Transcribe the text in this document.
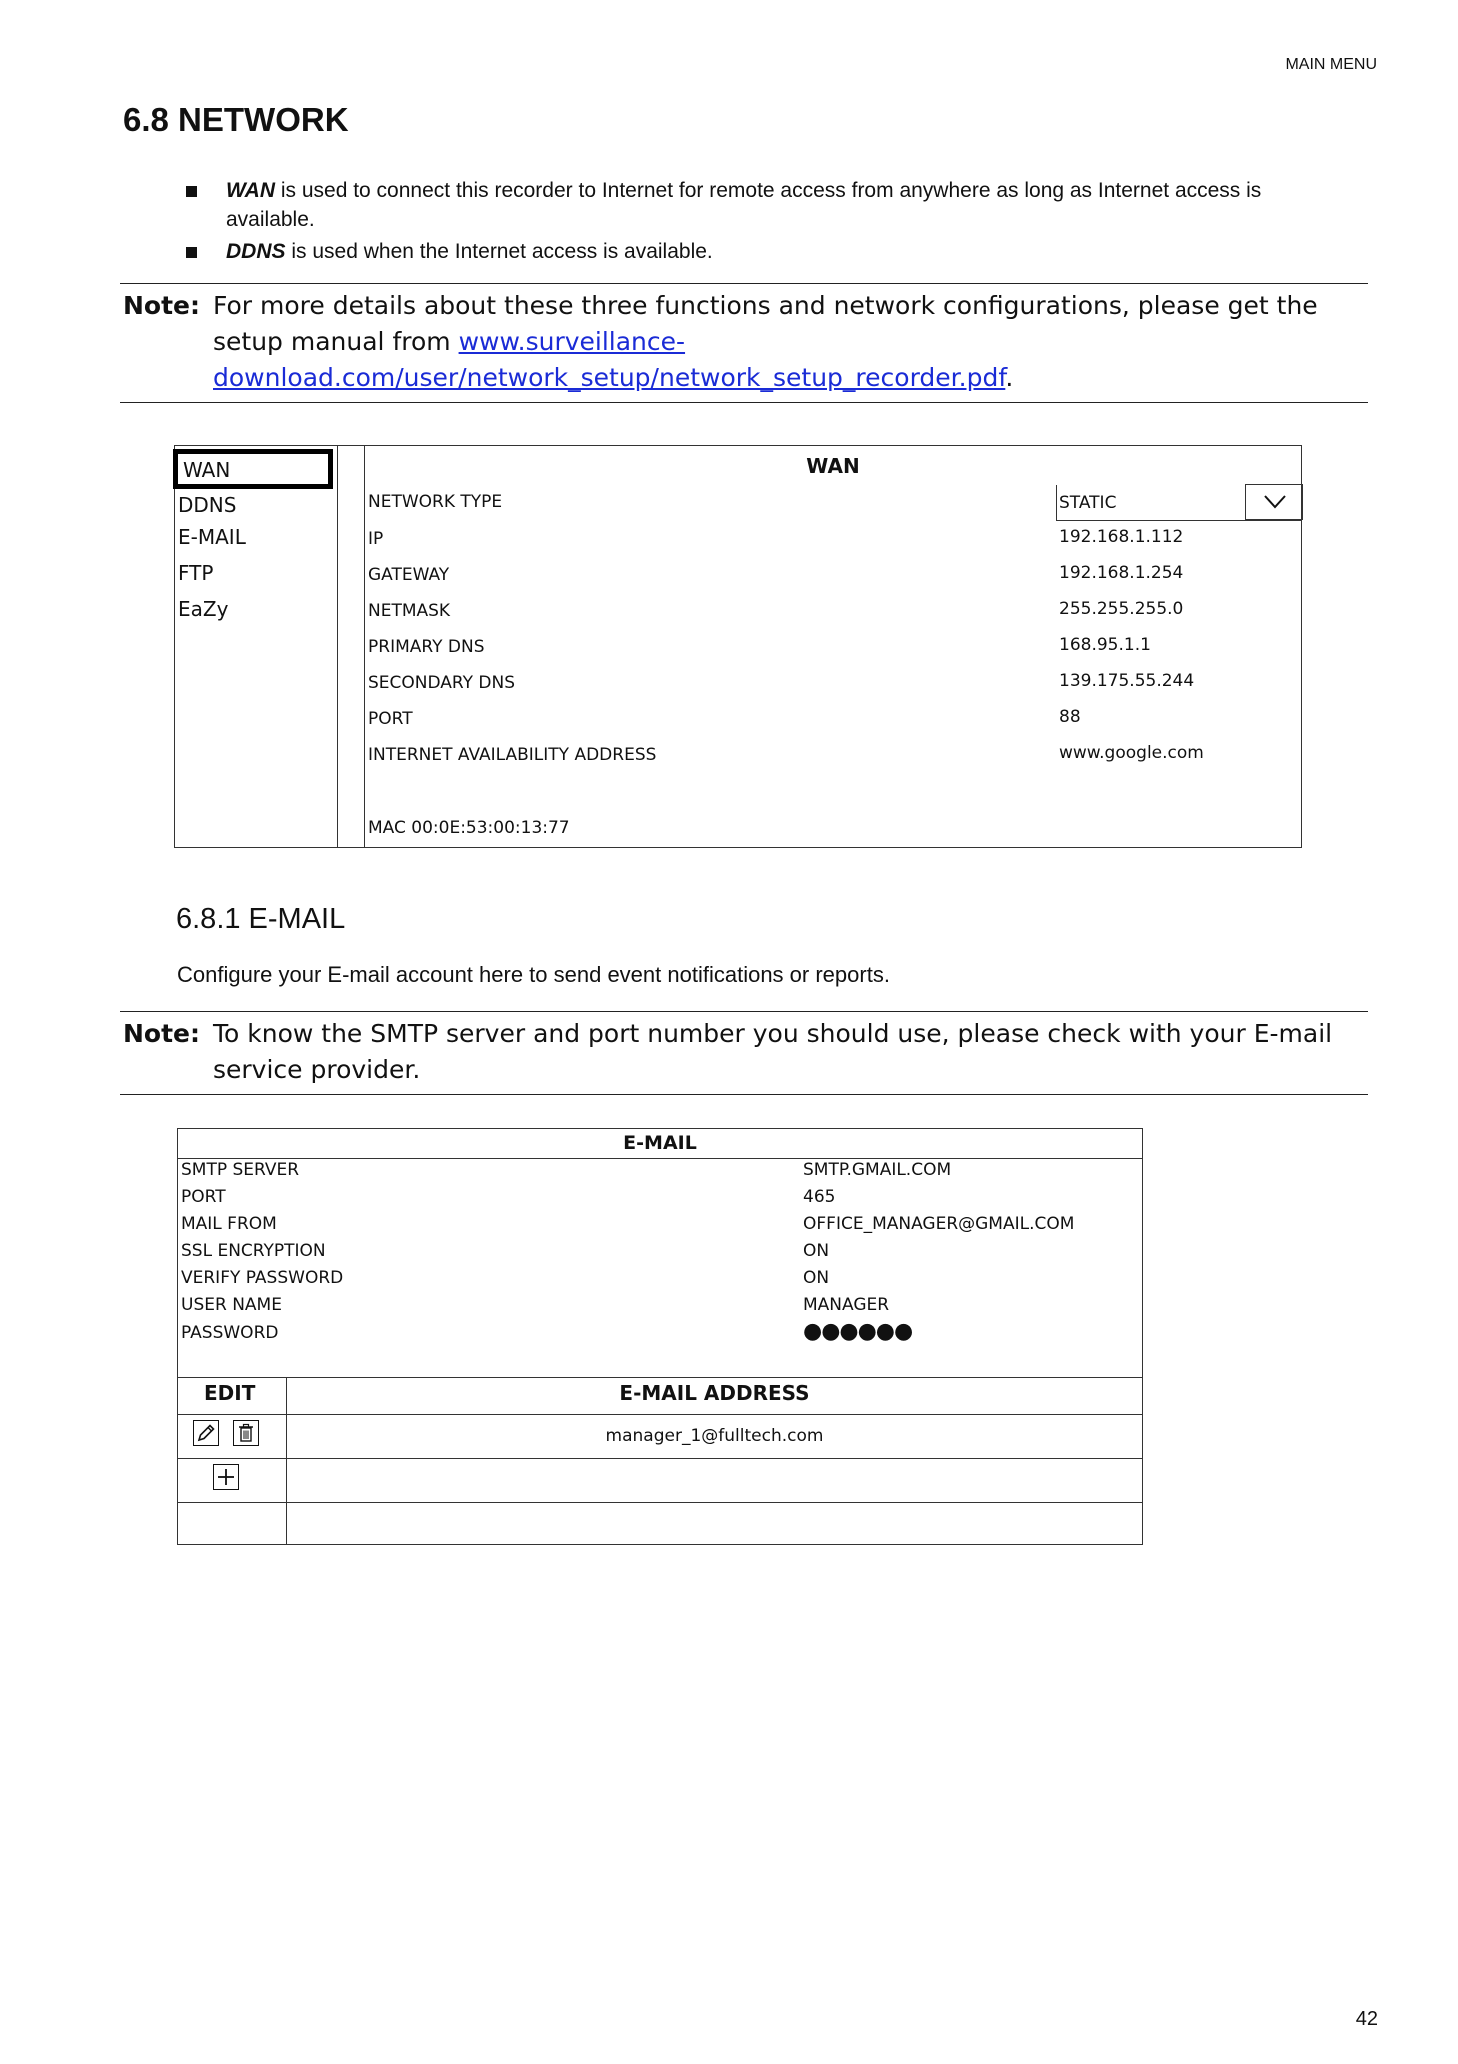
MAIN MENU
6.8 NETWORK
WAN is used to connect this recorder to Internet for remote access from anywhere as long as Internet access is available.
DDNS is used when the Internet access is available.
Note: For more details about these three functions and network configurations, please get the setup manual from www.surveillance-download.com/user/network_setup/network_setup_recorder.pdf.
WAN
DDNS
E-MAIL
FTP
EaZy
WAN
NETWORK TYPE	STATIC
IP	192.168.1.112
GATEWAY	192.168.1.254
NETMASK	255.255.255.0
PRIMARY DNS	168.95.1.1
SECONDARY DNS	139.175.55.244
PORT	88
INTERNET AVAILABILITY ADDRESS	www.google.com
MAC 00:0E:53:00:13:77
6.8.1 E-MAIL

Configure your E-mail account here to send event notifications or reports.

Note: To know the SMTP server and port number you should use, please check with your E-mail service provider.
E-MAIL
SMTP SERVER	SMTP.GMAIL.COM
PORT	465
MAIL FROM	OFFICE_MANAGER@GMAIL.COM
SSL ENCRYPTION	ON
VERIFY PASSWORD	ON
USER NAME	MANAGER
PASSWORD	●●●●●●
EDIT	E-MAIL ADDRESS
manager_1@fulltech.com
42
